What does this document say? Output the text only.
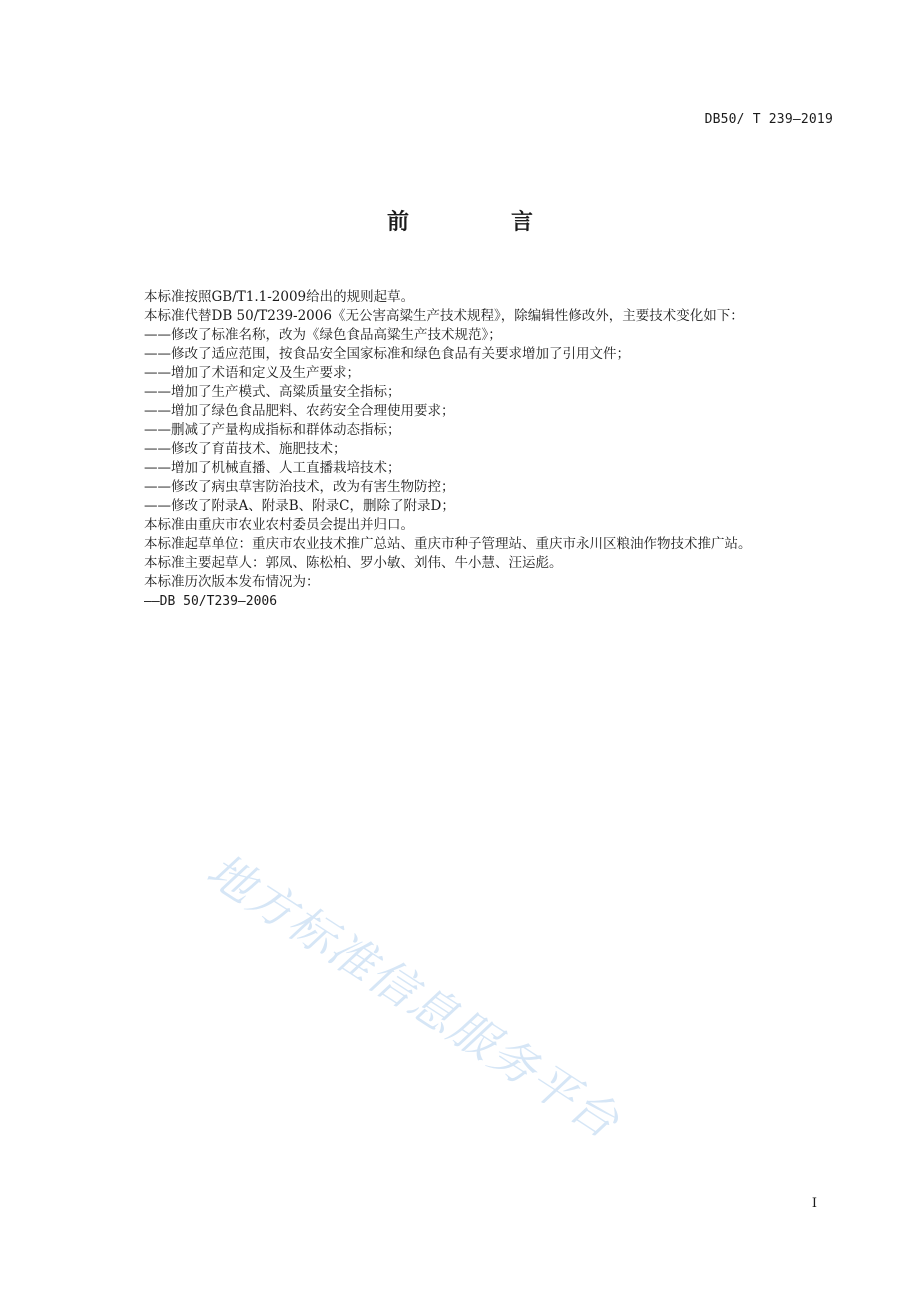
DB50/ T 239—2019
前　言

本标准按照GB/T1.1-2009给出的规则起草。

本标准代替DB 50/T239-2006《无公害高粱生产技术规程》，除编辑性修改外，主要技术变化如下：

——修改了标准名称，改为《绿色食品高粱生产技术规范》；

——修改了适应范围，按食品安全国家标准和绿色食品有关要求增加了引用文件；

——增加了术语和定义及生产要求；

——增加了生产模式、高粱质量安全指标；

——增加了绿色食品肥料、农药安全合理使用要求；

——删减了产量构成指标和群体动态指标；

——修改了育苗技术、施肥技术；

——增加了机械直播、人工直播栽培技术；

——修改了病虫草害防治技术，改为有害生物防控；

——修改了附录A、附录B、附录C，删除了附录D；

本标准由重庆市农业农村委员会提出并归口。

本标准起草单位：重庆市农业技术推广总站、重庆市种子管理站、重庆市永川区粮油作物技术推广站。

本标准主要起草人：郭凤、陈松柏、罗小敏、刘伟、牛小慧、汪运彪。

本标准历次版本发布情况为：

——DB 50/T239—2006

地方标准信息服务平台
I
